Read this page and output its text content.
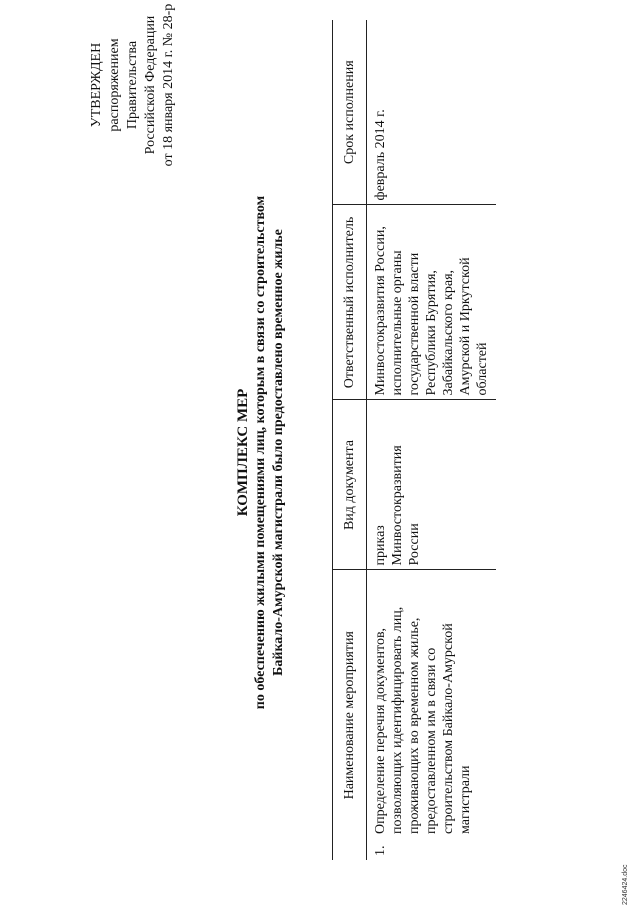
УТВЕРЖДЕН распоряжением Правительства Российской Федерации от 18 января 2014 г. № 28-р
КОМПЛЕКС МЕР по обеспечению жилыми помещениями лиц, которым в связи со строительством Байкало-Амурской магистрали было предоставлено временное жилье
Наименование мероприятия	Вид документа	Ответственный исполнитель	Срок исполнения
1.Определение перечня документов, позволяющих идентифицировать лиц, проживающих во временном жилье, предоставленном им в связи со строительством Байкало-Амурской магистрали	приказ Минвостокразвития России	Минвостокразвития России, исполнительные органы государственной власти Республики Бурятия, Забайкальского края, Амурской и Иркутской областей	февраль 2014 г.
2246424.doc
